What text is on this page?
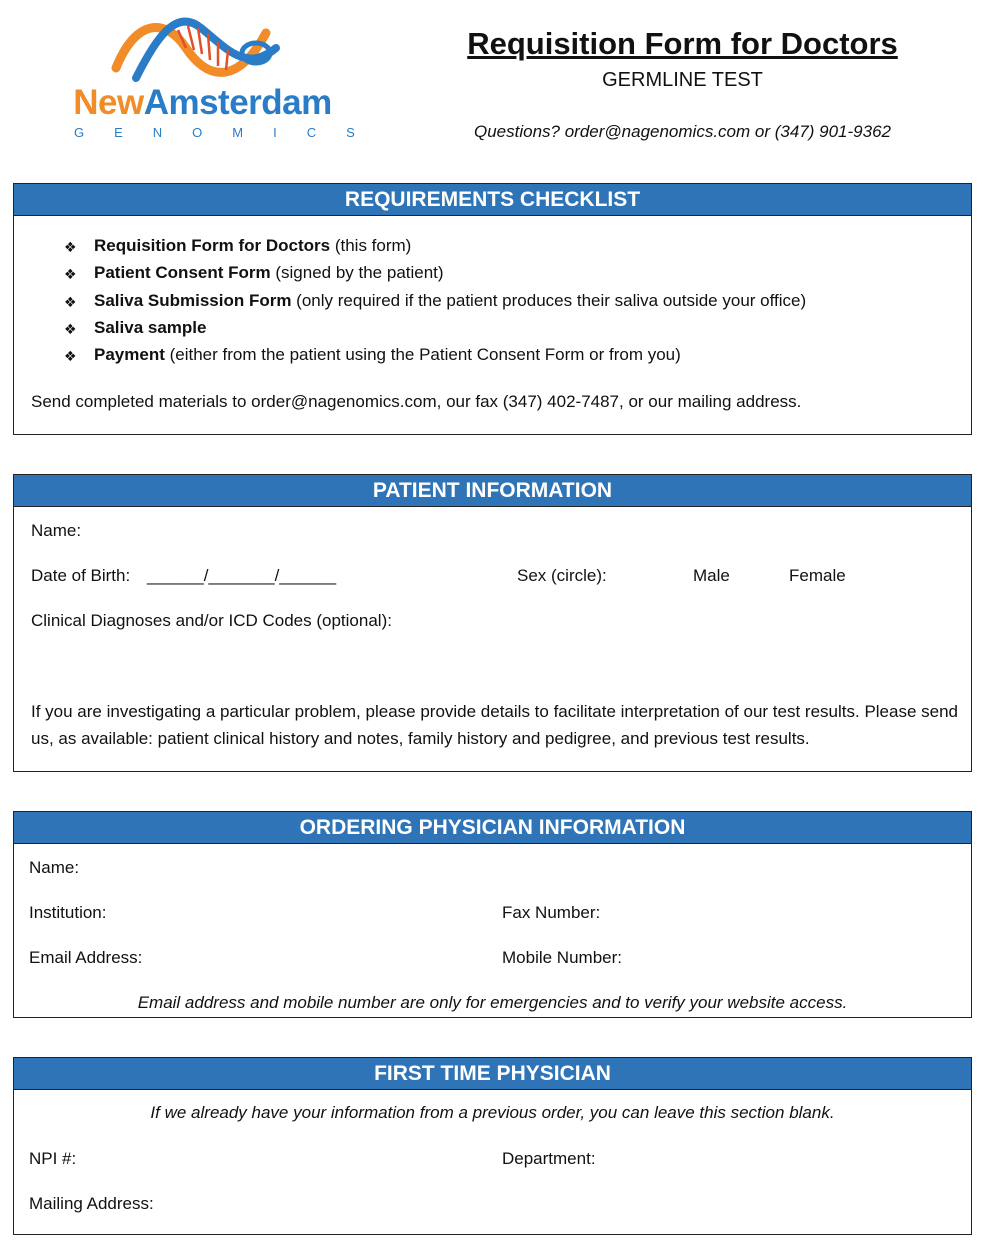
NewAmsterdam
GENOMICS
Requisition Form for Doctors
GERMLINE TEST
Questions? order@nagenomics.com or (347) 901-9362
REQUIREMENTS CHECKLIST
❖ Requisition Form for Doctors (this form)
❖ Patient Consent Form (signed by the patient)
❖ Saliva Submission Form (only required if the patient produces their saliva outside your office)
❖ Saliva sample
❖ Payment (either from the patient using the Patient Consent Form or from you)
Send completed materials to order@nagenomics.com, our fax (347) 402-7487, or our mailing address.
PATIENT INFORMATION
Name:
Date of Birth: ______/_______/______	Sex (circle):	Male	Female
Clinical Diagnoses and/or ICD Codes (optional):
If you are investigating a particular problem, please provide details to facilitate interpretation of our test results. Please send us, as available: patient clinical history and notes, family history and pedigree, and previous test results.
ORDERING PHYSICIAN INFORMATION
Name:
Institution:	Fax Number:
Email Address:	Mobile Number:
Email address and mobile number are only for emergencies and to verify your website access.
FIRST TIME PHYSICIAN
If we already have your information from a previous order, you can leave this section blank.
NPI #:	Department:
Mailing Address:
